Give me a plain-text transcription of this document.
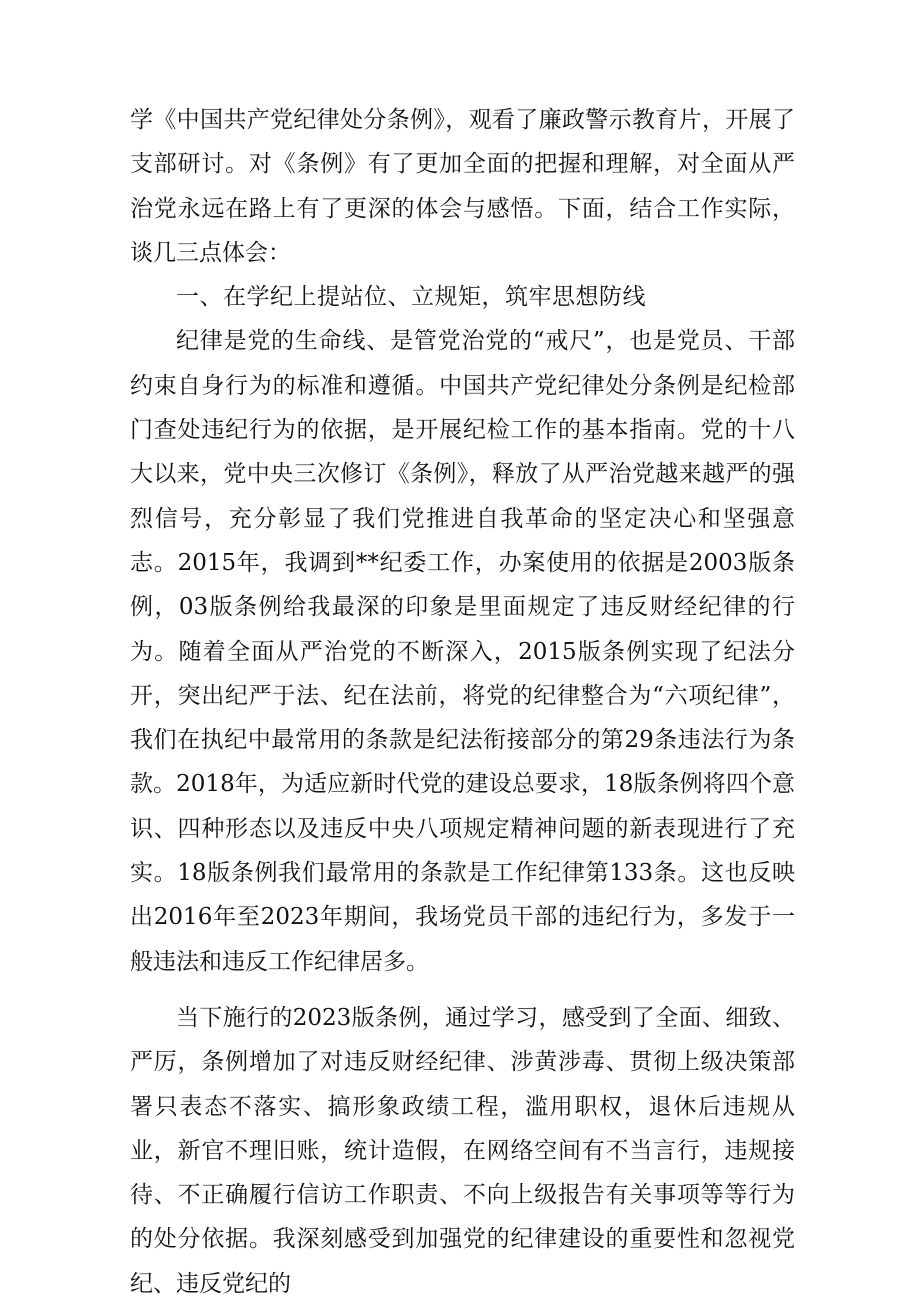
学《中国共产党纪律处分条例》，观看了廉政警示教育片，开展了支部研讨。对《条例》有了更加全面的把握和理解，对全面从严治党永远在路上有了更深的体会与感悟。下面，结合工作实际，谈几三点体会：

一、在学纪上提站位、立规矩，筑牢思想防线

纪律是党的生命线、是管党治党的“戒尺”，也是党员、干部约束自身行为的标准和遵循。中国共产党纪律处分条例是纪检部门查处违纪行为的依据，是开展纪检工作的基本指南。党的十八大以来，党中央三次修订《条例》，释放了从严治党越来越严的强烈信号，充分彰显了我们党推进自我革命的坚定决心和坚强意志。2015年，我调到**纪委工作，办案使用的依据是2003版条例，03版条例给我最深的印象是里面规定了违反财经纪律的行为。随着全面从严治党的不断深入，2015版条例实现了纪法分开，突出纪严于法、纪在法前，将党的纪律整合为“六项纪律”，我们在执纪中最常用的条款是纪法衔接部分的第29条违法行为条款。2018年，为适应新时代党的建设总要求，18版条例将四个意识、四种形态以及违反中央八项规定精神问题的新表现进行了充实。18版条例我们最常用的条款是工作纪律第133条。这也反映出2016年至2023年期间，我场党员干部的违纪行为，多发于一般违法和违反工作纪律居多。

当下施行的2023版条例，通过学习，感受到了全面、细致、严厉，条例增加了对违反财经纪律、涉黄涉毒、贯彻上级决策部署只表态不落实、搞形象政绩工程，滥用职权，退休后违规从业，新官不理旧账，统计造假，在网络空间有不当言行，违规接待、不正确履行信访工作职责、不向上级报告有关事项等等行为的处分依据。我深刻感受到加强党的纪律建设的重要性和忽视党纪、违反党纪的
